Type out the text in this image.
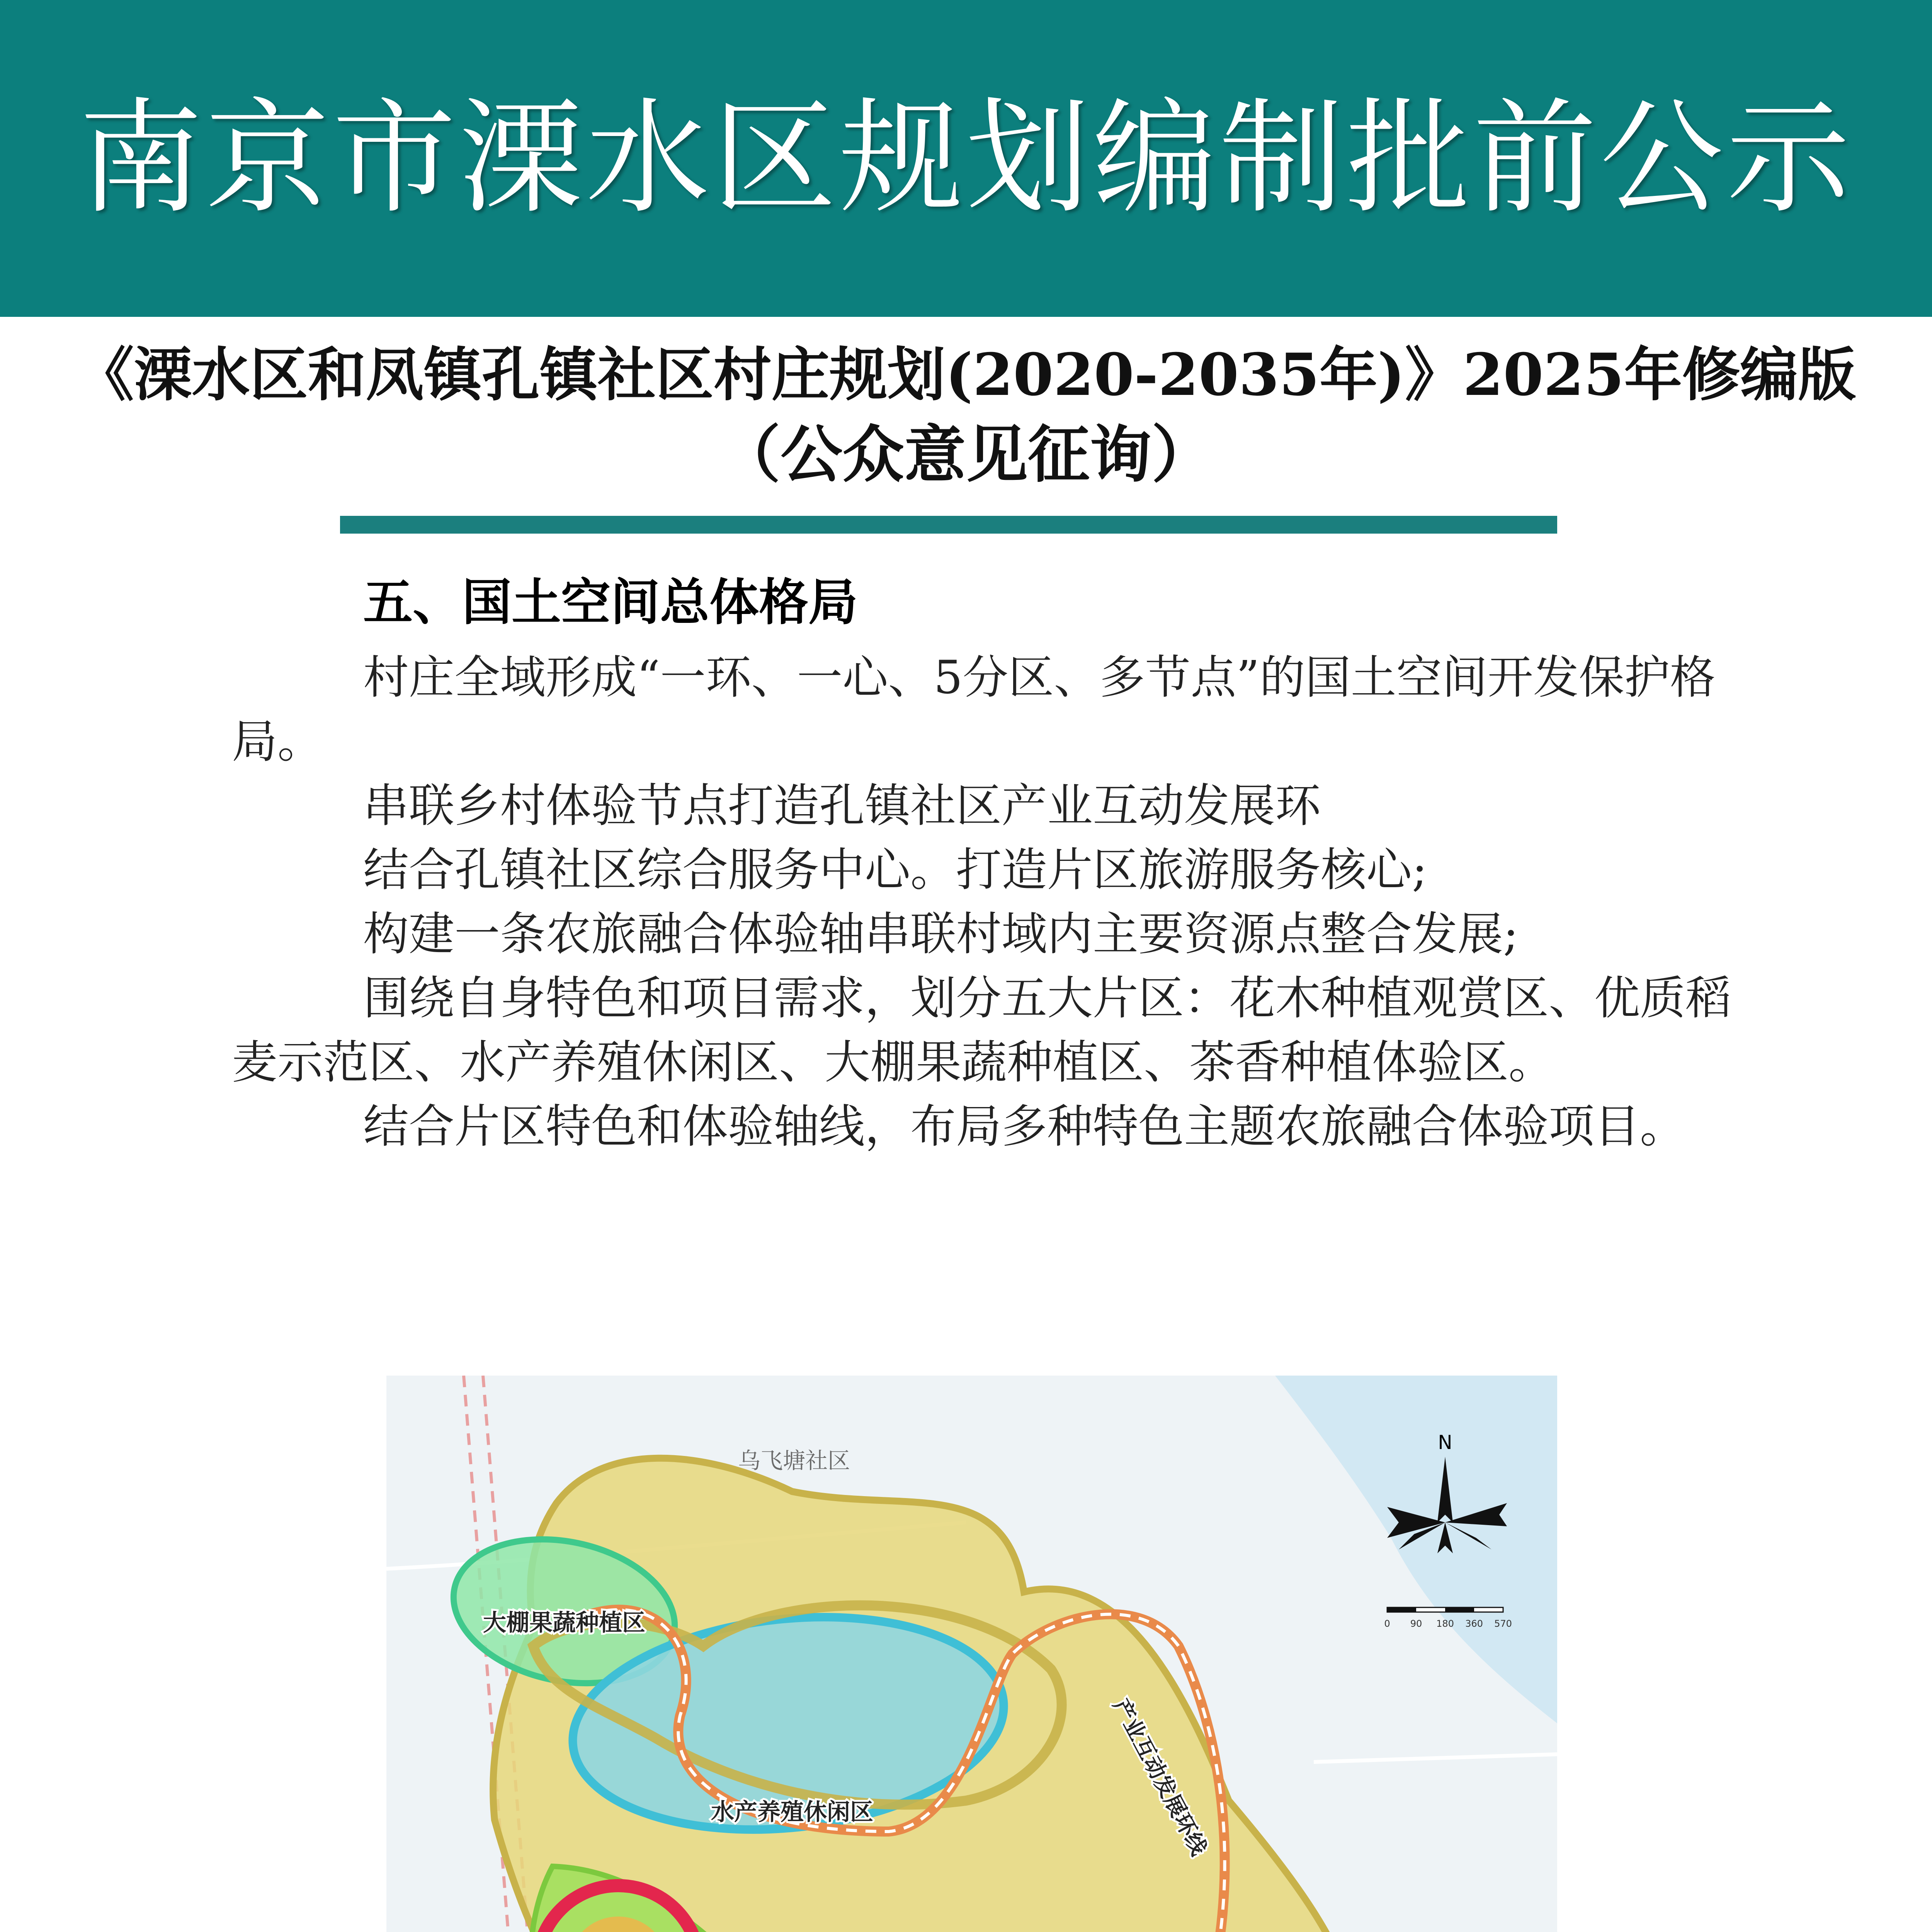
南京市溧水区规划编制批前公示
《溧水区和凤镇孔镇社区村庄规划(2020-2035年)》2025年修编版
（公众意见征询）
五、国土空间总体格局

村庄全域形成“一环、一心、5分区、多节点”的国土空间开发保护格局。

串联乡村体验节点打造孔镇社区产业互动发展环

结合孔镇社区综合服务中心。打造片区旅游服务核心;

构建一条农旅融合体验轴串联村域内主要资源点整合发展;

围绕自身特色和项目需求，划分五大片区：花木种植观赏区、优质稻麦示范区、水产养殖休闲区、大棚果蔬种植区、茶香种植体验区。

结合片区特色和体验轴线，布局多种特色主题农旅融合体验项目。

大棚果蔬种植区
水产养殖休闲区	产业互动发展环线
乌飞塘社区
N
0 90 180 360 570
